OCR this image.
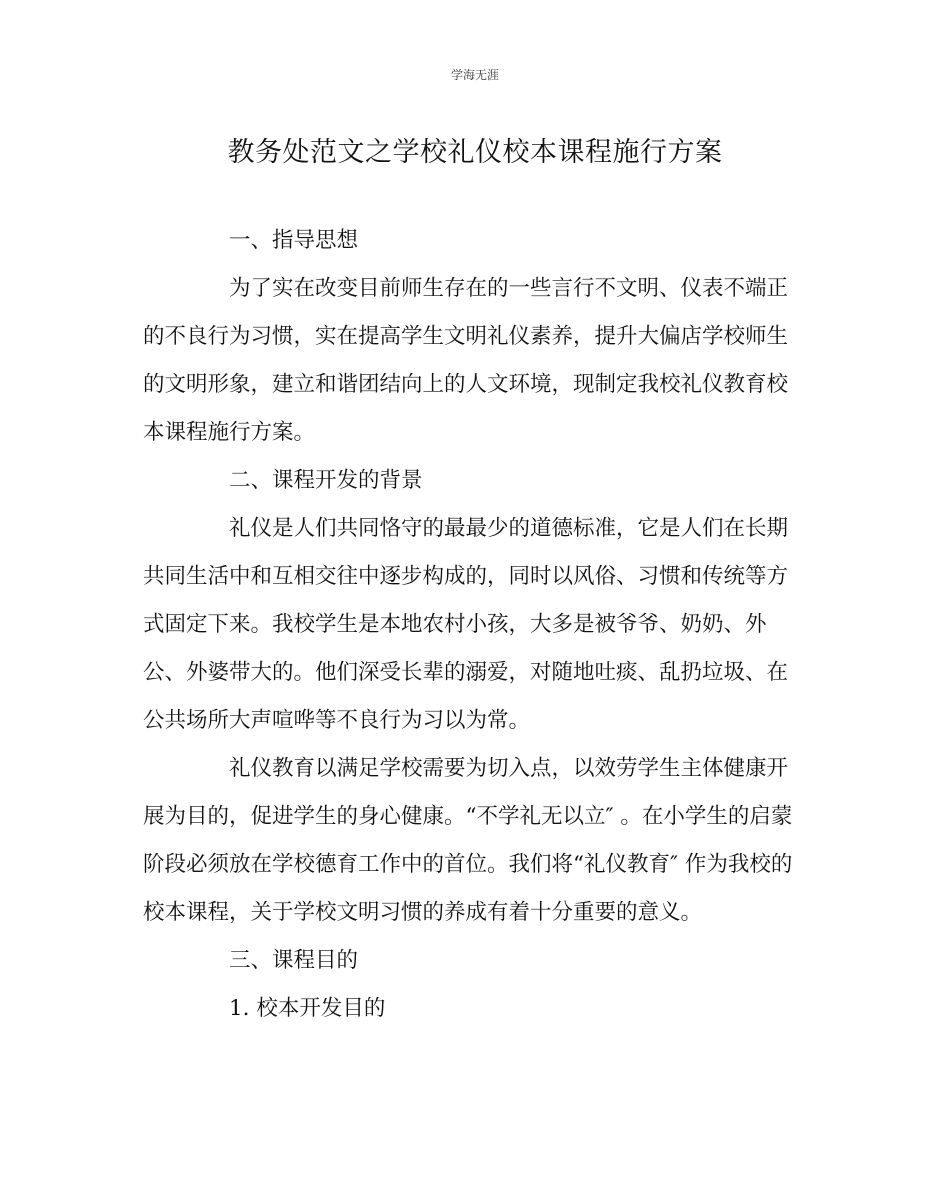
学海无涯
教务处范文之学校礼仪校本课程施行方案

一、指导思想

为了实在改变目前师生存在的一些言行不文明、仪表不端正
的不良行为习惯，实在提高学生文明礼仪素养，提升大偏店学校师生
的文明形象，建立和谐团结向上的人文环境，现制定我校礼仪教育校
本课程施行方案。

二、课程开发的背景

礼仪是人们共同恪守的最最少的道德标准，它是人们在长期
共同生活中和互相交往中逐步构成的，同时以风俗、习惯和传统等方
式固定下来。我校学生是本地农村小孩，大多是被爷爷、奶奶、外
公、外婆带大的。他们深受长辈的溺爱，对随地吐痰、乱扔垃圾、在
公共场所大声喧哗等不良行为习以为常。

礼仪教育以满足学校需要为切入点，以效劳学生主体健康开
展为目的，促进学生的身心健康。“不学礼无以立″ 。在小学生的启蒙
阶段必须放在学校德育工作中的首位。我们将“礼仪教育″ 作为我校的
校本课程，关于学校文明习惯的养成有着十分重要的意义。

三、课程目的

1. 校本开发目的
